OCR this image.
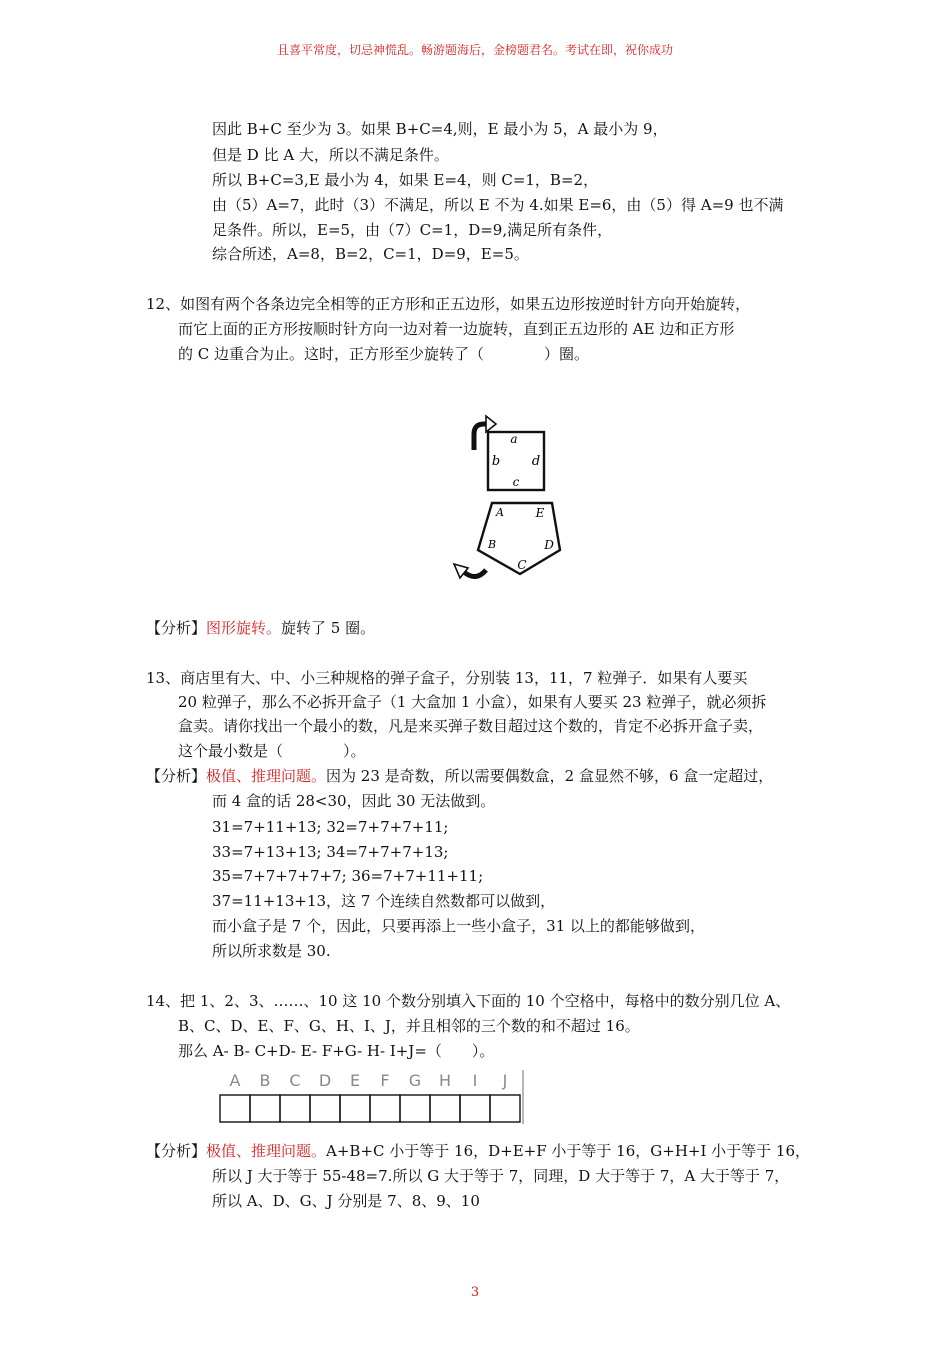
且喜平常度，切忌神慌乱。畅游题海后，金榜题君名。考试在即，祝你成功
因此 B+C 至少为 3。如果 B+C=4,则，E 最小为 5，A 最小为 9，
但是 D 比 A 大，所以不满足条件。
所以 B+C=3,E 最小为 4，如果 E=4，则 C=1，B=2，
由（5）A=7，此时（3）不满足，所以 E 不为 4.如果 E=6，由（5）得 A=9 也不满
足条件。所以，E=5，由（7）C=1，D=9,满足所有条件，
综合所述，A=8，B=2，C=1，D=9，E=5。
12、如图有两个各条边完全相等的正方形和正五边形，如果五边形按逆时针方向开始旋转，
而它上面的正方形按顺时针方向一边对着一边旋转，直到正五边形的 AE 边和正方形
的 C 边重合为止。这时，正方形至少旋转了（　　　　）圈。
a
b
c
d
A
B
C
D
E
【分析】图形旋转。旋转了 5 圈。
13、商店里有大、中、小三种规格的弹子盒子，分别装 13，11，7 粒弹子．如果有人要买
20 粒弹子，那么不必拆开盒子（1 大盒加 1 小盒），如果有人要买 23 粒弹子，就必须拆
盒卖。请你找出一个最小的数，凡是来买弹子数目超过这个数的，肯定不必拆开盒子卖，
这个最小数是（　　　　）。
【分析】极值、推理问题。因为 23 是奇数，所以需要偶数盒，2 盒显然不够，6 盒一定超过，
而 4 盒的话 28<30，因此 30 无法做到。
31=7+11+13; 32=7+7+7+11;
33=7+13+13; 34=7+7+7+13;
35=7+7+7+7+7; 36=7+7+11+11;
37=11+13+13，这 7 个连续自然数都可以做到，
而小盒子是 7 个，因此，只要再添上一些小盒子，31 以上的都能够做到，
所以所求数是 30.
14、把 1、2、3、……、10 这 10 个数分别填入下面的 10 个空格中，每格中的数分别几位 A、
B、C、D、E、F、G、H、I、J，并且相邻的三个数的和不超过 16。
那么 A- B- C+D- E- F+G- H- I+J=（　　）。
A B C D E F G H I J
【分析】极值、推理问题。A+B+C 小于等于 16，D+E+F 小于等于 16，G+H+I 小于等于 16，
所以 J 大于等于 55-48=7.所以 G 大于等于 7，同理，D 大于等于 7，A 大于等于 7，
所以 A、D、G、J 分别是 7、8、9、10
3
